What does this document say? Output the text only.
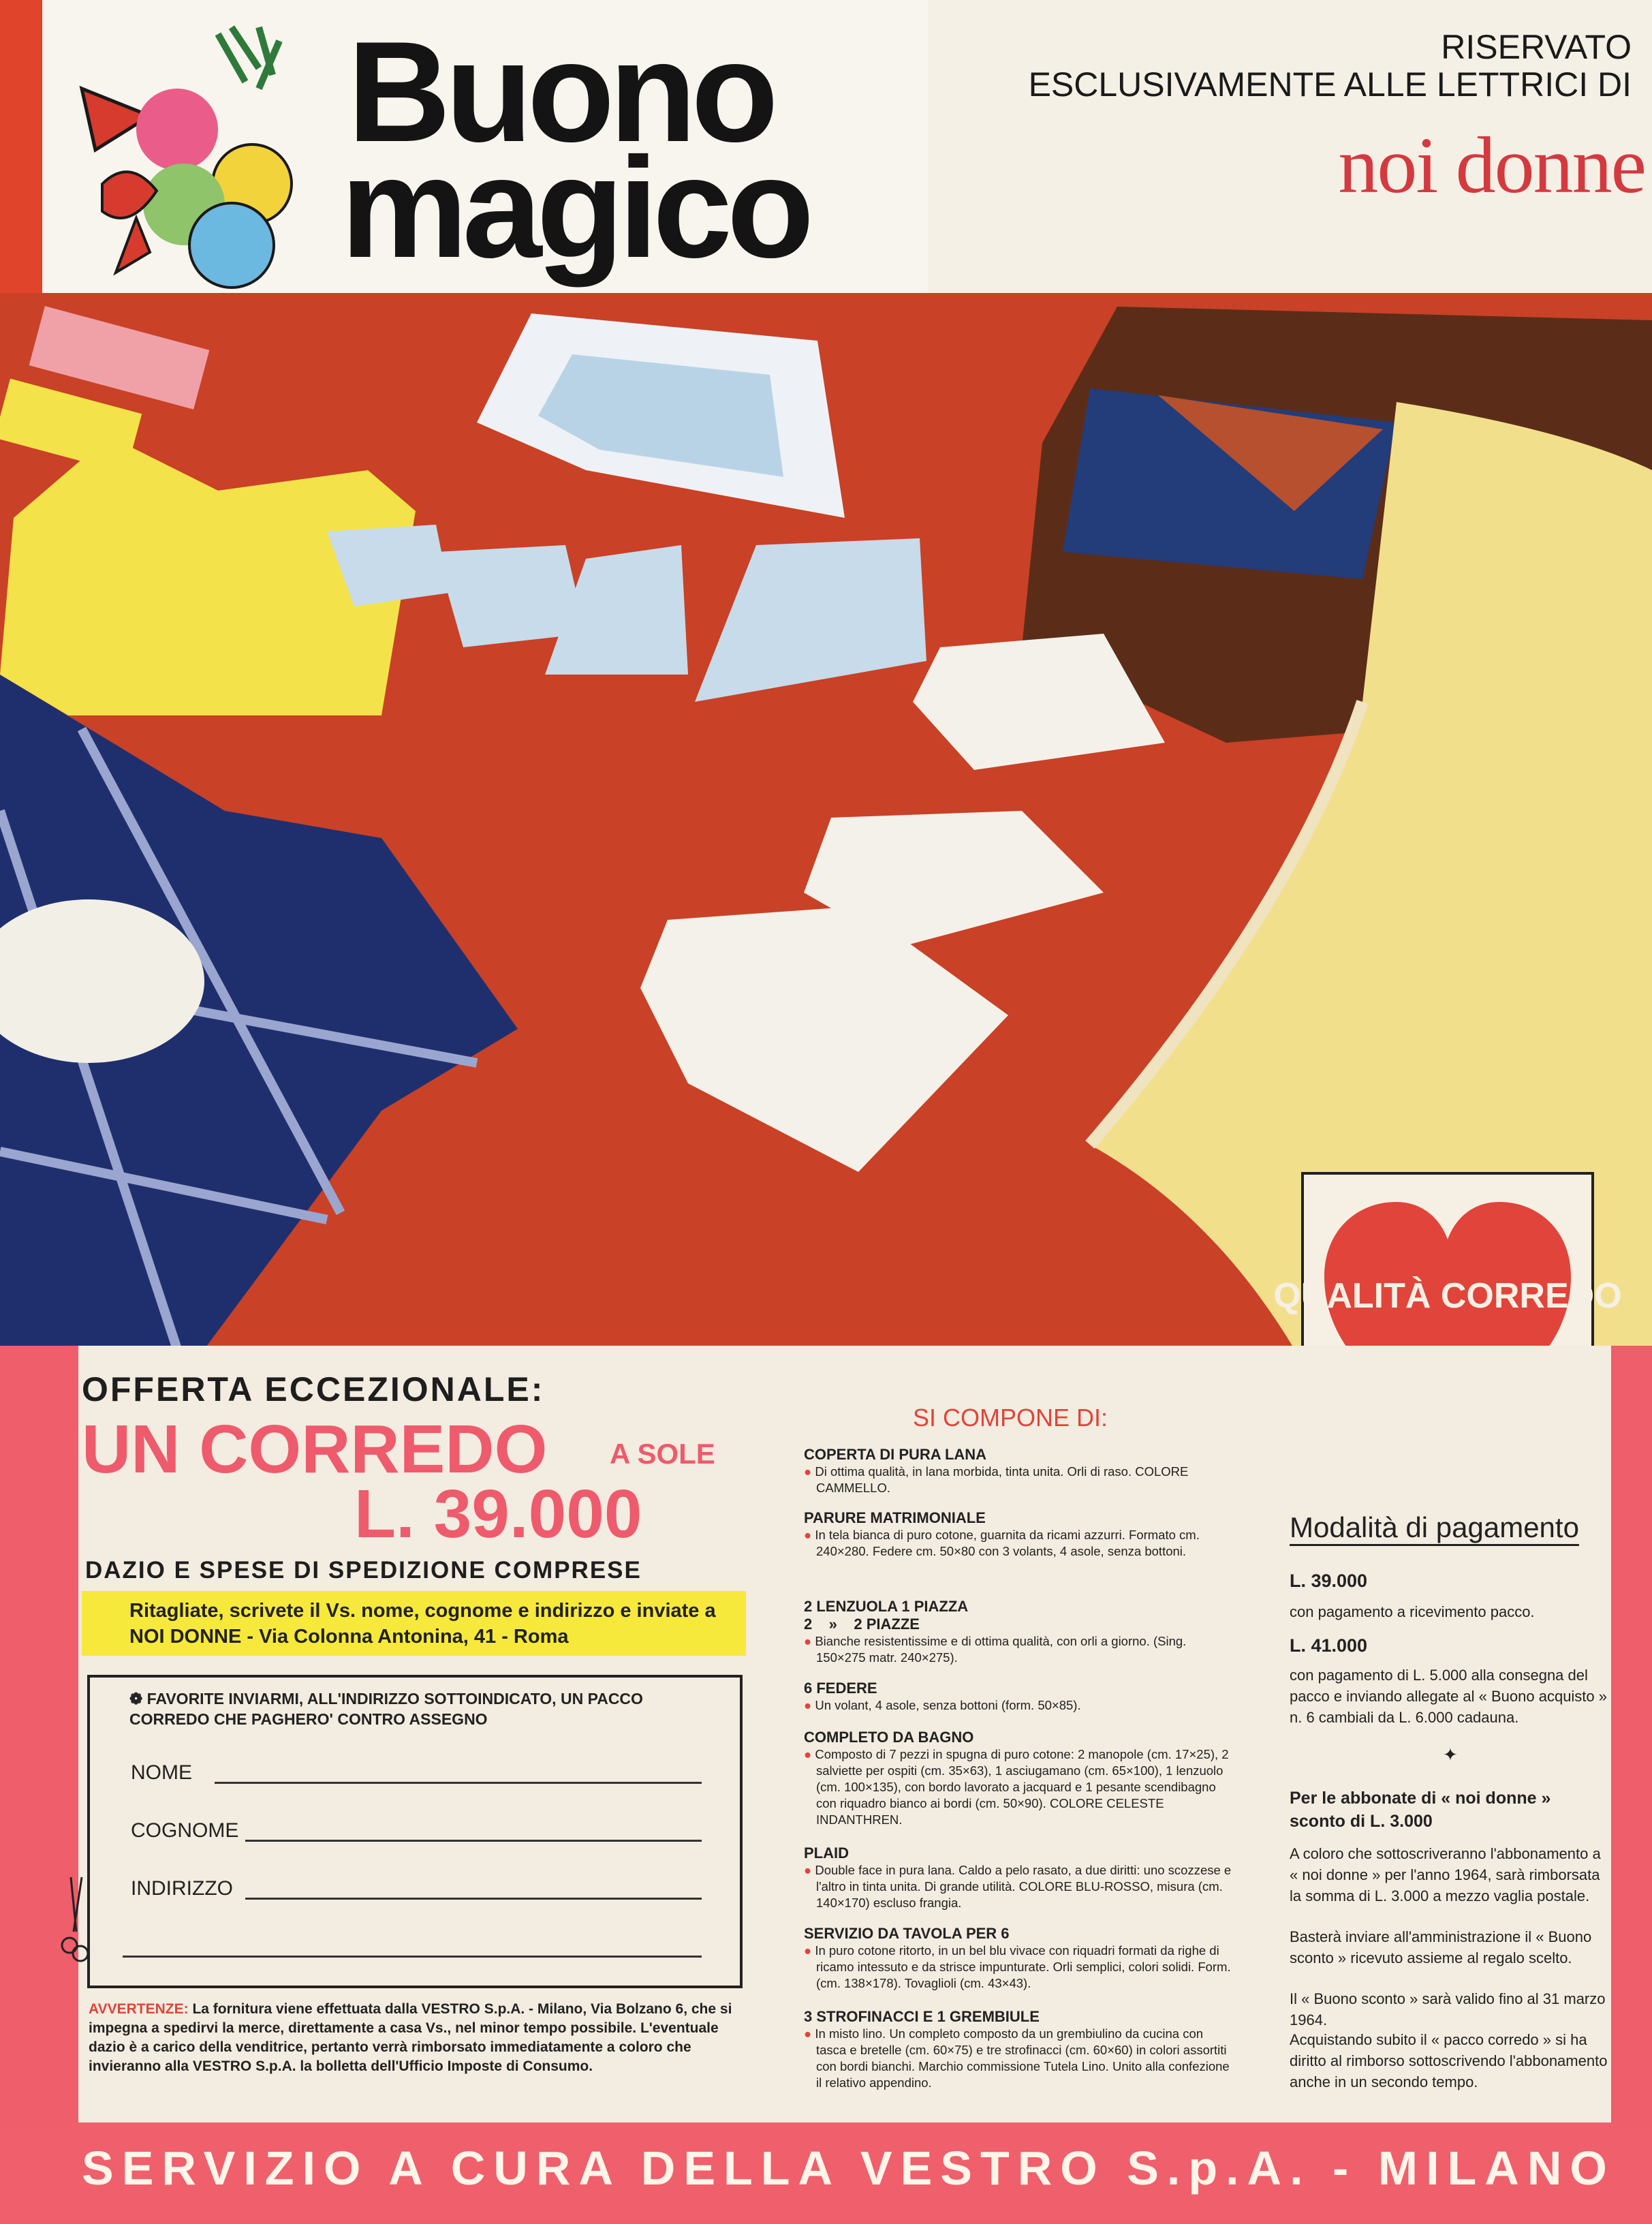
Buono
magico
RISERVATO
ESCLUSIVAMENTE ALLE LETTRICI DI
noi donne
QUALITÀ CORREDO
OFFERTA ECCEZIONALE:
UN CORREDO A SOLE
L. 39.000
DAZIO E SPESE DI SPEDIZIONE COMPRESE
Ritagliate, scrivete il Vs. nome, cognome e indirizzo e inviate a NOI DONNE - Via Colonna Antonina, 41 - Roma
❁ FAVORITE INVIARMI, ALL'INDIRIZZO SOTTOINDICATO, UN PACCO CORREDO CHE PAGHERO' CONTRO ASSEGNO
NOME
COGNOME
INDIRIZZO
AVVERTENZE: La fornitura viene effettuata dalla VESTRO S.p.A. - Milano, Via Bolzano 6, che si impegna a spedirvi la merce, direttamente a casa Vs., nel minor tempo possibile. L'eventuale dazio è a carico della venditrice, pertanto verrà rimborsato immediatamente a coloro che invieranno alla VESTRO S.p.A. la bolletta dell'Ufficio Imposte di Consumo.
SI COMPONE DI:
COPERTA DI PURA LANA
● Di ottima qualità, in lana morbida, tinta unita. Orli di raso. COLORE CAMMELLO.
PARURE MATRIMONIALE
● In tela bianca di puro cotone, guarnita da ricami azzurri. Formato cm. 240×280. Federe cm. 50×80 con 3 volants, 4 asole, senza bottoni.
2 LENZUOLA 1 PIAZZA
2    »    2 PIAZZE
● Bianche resistentissime e di ottima qualità, con orli a giorno. (Sing. 150×275 matr. 240×275).
6 FEDERE
● Un volant, 4 asole, senza bottoni (form. 50×85).
COMPLETO DA BAGNO
● Composto di 7 pezzi in spugna di puro cotone: 2 manopole (cm. 17×25), 2 salviette per ospiti (cm. 35×63), 1 asciugamano (cm. 65×100), 1 lenzuolo (cm. 100×135), con bordo lavorato a jacquard e 1 pesante scendibagno con riquadro bianco ai bordi (cm. 50×90). COLORE CELESTE INDANTHREN.
PLAID
● Double face in pura lana. Caldo a pelo rasato, a due diritti: uno scozzese e l'altro in tinta unita. Di grande utilità. COLORE BLU-ROSSO, misura (cm. 140×170) escluso frangia.
SERVIZIO DA TAVOLA PER 6
● In puro cotone ritorto, in un bel blu vivace con riquadri formati da righe di ricamo intessuto e da strisce impunturate. Orli semplici, colori solidi. Form. (cm. 138×178). Tovaglioli (cm. 43×43).
3 STROFINACCI E 1 GREMBIULE
● In misto lino. Un completo composto da un grembiulino da cucina con tasca e bretelle (cm. 60×75) e tre strofinacci (cm. 60×60) in colori assortiti con bordi bianchi. Marchio commissione Tutela Lino. Unito alla confezione il relativo appendino.
Modalità di pagamento
L. 39.000
con pagamento a ricevimento pacco.
L. 41.000
con pagamento di L. 5.000 alla consegna del pacco e inviando allegate al « Buono acquisto » n. 6 cambiali da L. 6.000 cadauna.
✦
Per le abbonate di « noi donne » sconto di L. 3.000
A coloro che sottoscriveranno l'abbonamento a « noi donne » per l'anno 1964, sarà rimborsata la somma di L. 3.000 a mezzo vaglia postale.
Basterà inviare all'amministrazione il « Buono sconto » ricevuto assieme al regalo scelto.
Il « Buono sconto » sarà valido fino al 31 marzo 1964.
Acquistando subito il « pacco corredo » si ha diritto al rimborso sottoscrivendo l'abbonamento anche in un secondo tempo.
SERVIZIO A CURA DELLA VESTRO S.p.A. - MILANO
